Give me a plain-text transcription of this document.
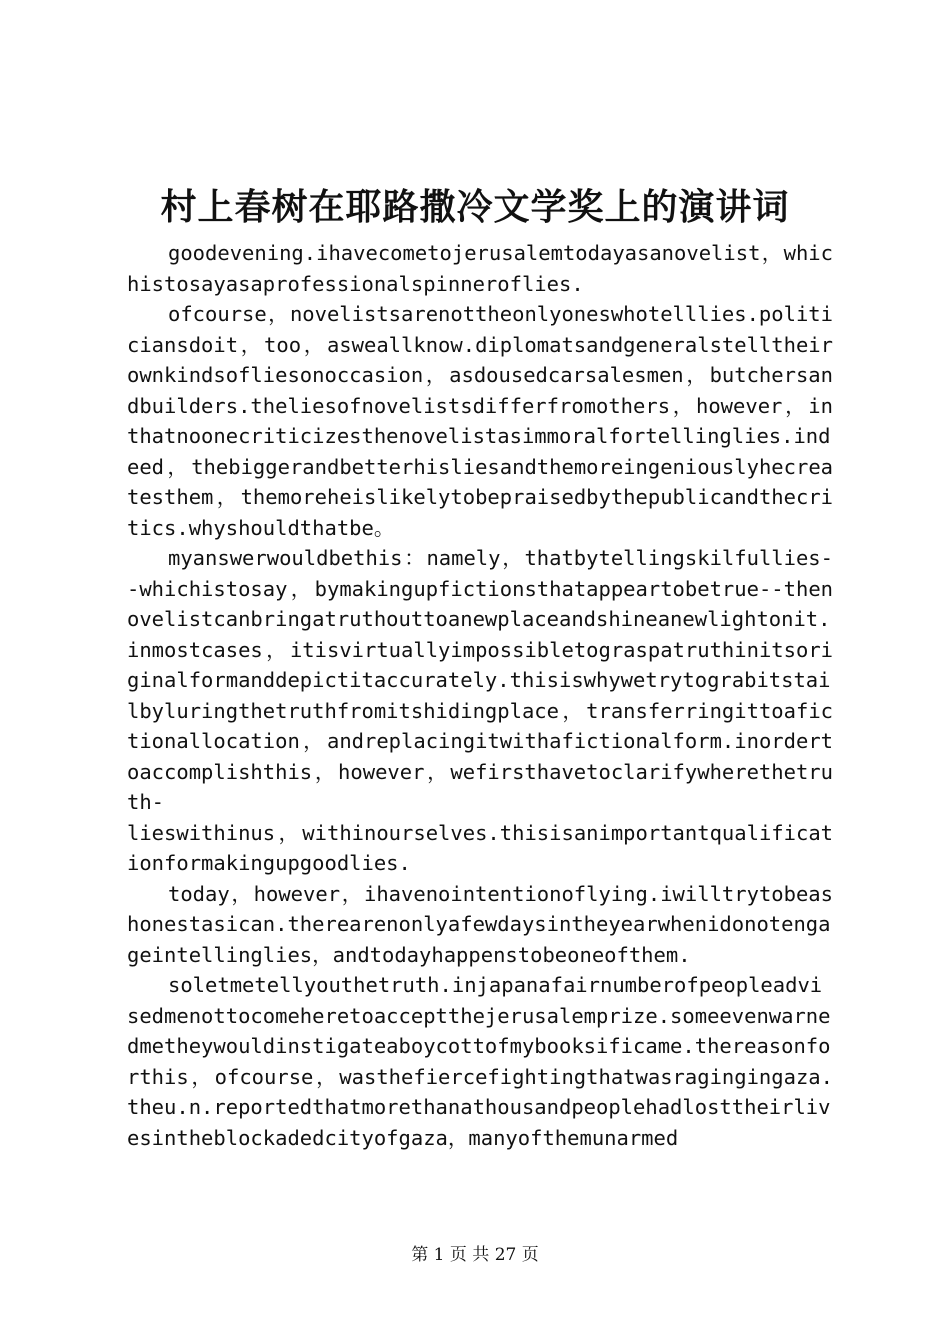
村上春树在耶路撒冷文学奖上的演讲词

goodevening.ihavecometojerusalemtodayasanovelist，whichistosayasaprofessionalspinneroflies.

ofcourse，novelistsarenottheonlyoneswhotelllies.politiciansdoit，too，asweallknow.diplomatsandgeneralstelltheirownkindsofliesonoccasion，asdousedcarsalesmen，butchersandbuilders.theliesofnovelistsdifferfromothers，however，inthatnoonecriticizesthenovelistasimmoralfortellinglies.indeed，thebiggerandbetterhisliesandthemoreingeniouslyhecreatesthem，themoreheislikelytobepraisedbythepublicandthecritics.whyshouldthatbe。

myanswerwouldbethis：namely，thatbytellingskilfullies--whichistosay，bymakingupfictionsthatappeartobetrue--thenovelistcanbringatruthouttoanewplaceandshineanewlightonit.inmostcases，itisvirtuallyimpossibletograspatruthinitsoriginalformanddepictitaccurately.thisiswhywetrytograbitstailbyluringthetruthfromitshidingplace，transferringittoafictionallocation，andreplacingitwithafictionalform.inordertoaccomplishthis，however，wefirsthavetoclarifywherethetruth-

lieswithinus，withinourselves.thisisanimportantqualificationformakingupgoodlies.

today，however，ihavenointentionoflying.iwilltrytobeashonestasican.therearenonlyafewdaysintheyearwhenidonotengageintellinglies，andtodayhappenstobeoneofthem.

soletmetellyouthetruth.injapanafairnumberofpeopleadvisedmenottocomeheretoacceptthejerusalemprize.someevenwarnedmetheywouldinstigateaboycottofmybooksificame.thereasonforthis，ofcourse，wasthefiercefightingthatwasragingingaza.theu.n.reportedthatmorethanathousandpeoplehadlosttheirlivesintheblockadedcityofgaza，manyofthemunarmed

第 1 页 共 27 页
